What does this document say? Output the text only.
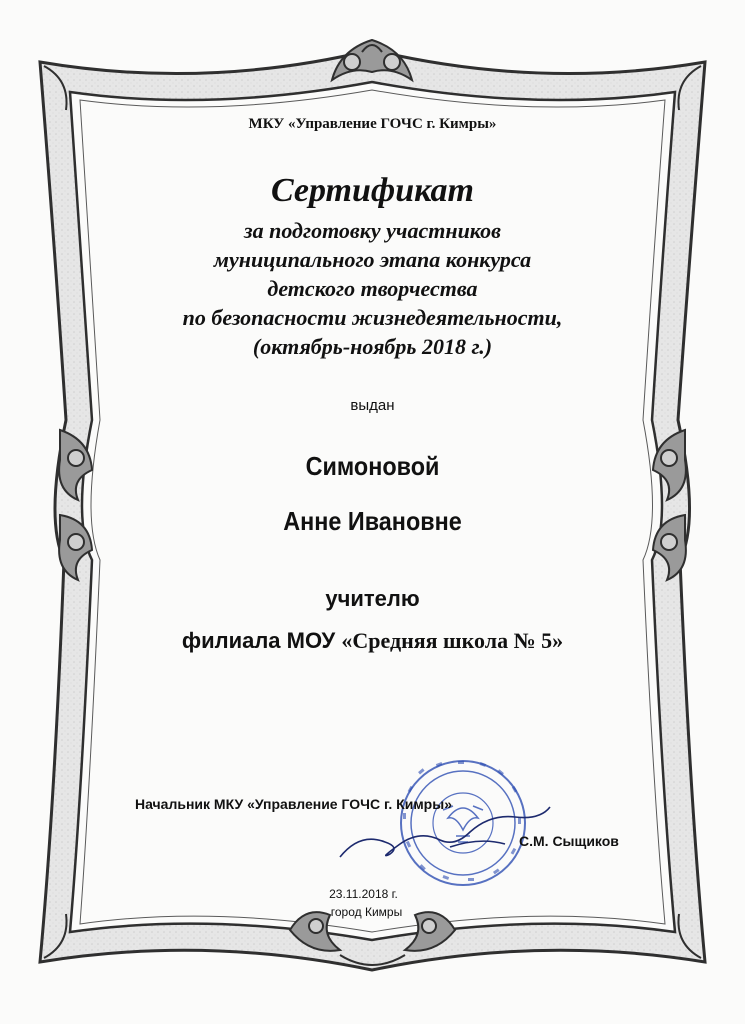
МКУ «Управление ГОЧС г. Кимры»

Сертификат

за подготовку участников
муниципального этапа конкурса
детского творчества
по безопасности жизнедеятельности,
(октябрь-ноябрь 2018 г.)

выдан

Симоновой

Анне Ивановне

учителю

филиала МОУ «Средняя школа № 5»

Начальник МКУ «Управление ГОЧС г. Кимры»

С.М. Сыщиков

23.11.2018 г.

город Кимры
